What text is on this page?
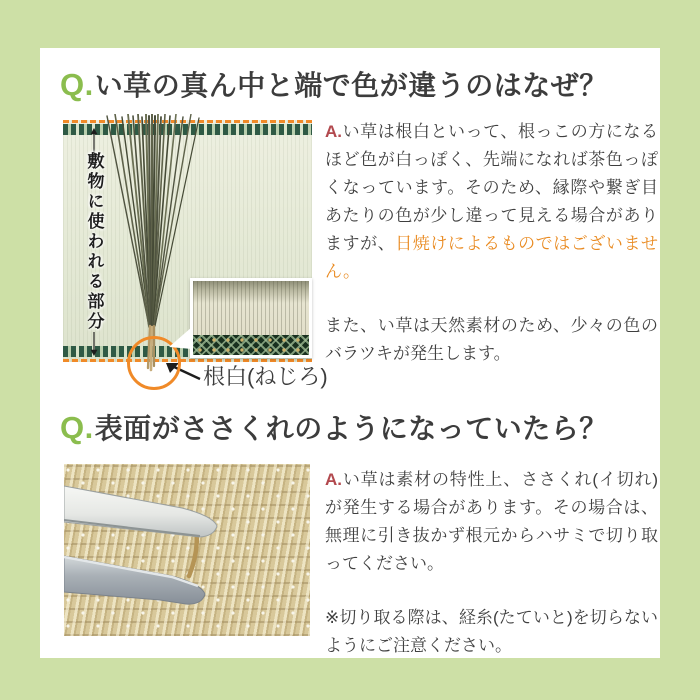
Q.い草の真ん中と端で色が違うのはなぜ？
敷物に使われる部分
根白(ねじろ)

A.い草は根白といって、根っこの方になるほど色が白っぽく、先端になれば茶色っぽくなっています。そのため、縁際や繋ぎ目あたりの色が少し違って見える場合がありますが、日焼けによるものではございません。

また、い草は天然素材のため、少々の色のバラツキが発生します。

Q.表面がささくれのようになっていたら？

A.い草は素材の特性上、ささくれ(イ切れ)が発生する場合があります。その場合は、無理に引き抜かず根元からハサミで切り取ってください。

※切り取る際は、経糸(たていと)を切らないようにご注意ください。
